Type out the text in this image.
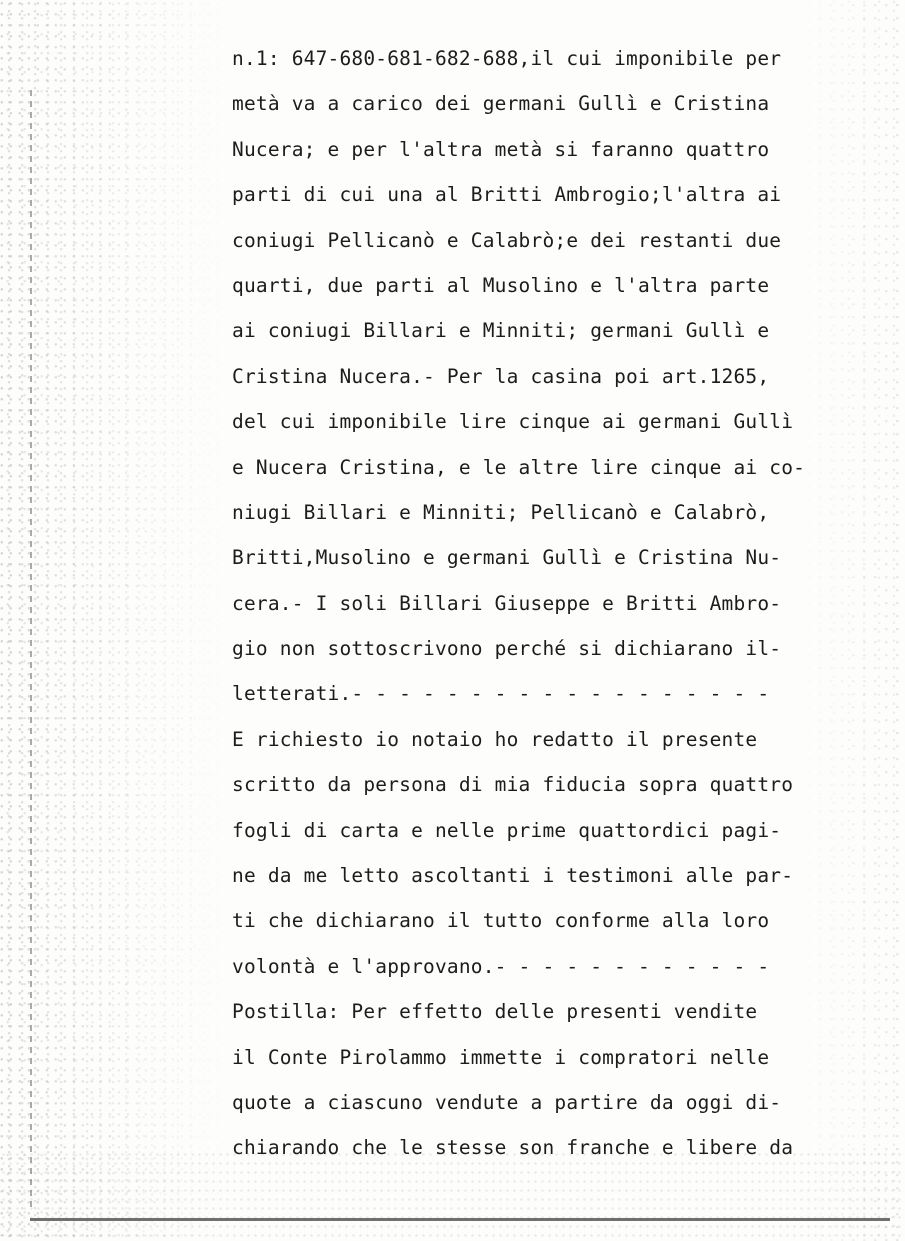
n.1: 647-680-681-682-688,il cui imponibile per
metà va a carico dei germani Gullì e Cristina
Nucera; e per l'altra metà si faranno quattro
parti di cui una al Britti Ambrogio;l'altra ai
coniugi Pellicanò e Calabrò;e dei restanti due
quarti, due parti al Musolino e l'altra parte
ai coniugi Billari e Minniti; germani Gullì e
Cristina Nucera.- Per la casina poi art.1265,
del cui imponibile lire cinque ai germani Gullì
e Nucera Cristina, e le altre lire cinque ai co-
niugi Billari e Minniti; Pellicanò e Calabrò,
Britti,Musolino e germani Gullì e Cristina Nu-
cera.- I soli Billari Giuseppe e Britti Ambro-
gio non sottoscrivono perché si dichiarano il-
letterati.- - - - - - - - - - - - - - - - - -
E richiesto io notaio ho redatto il presente
scritto da persona di mia fiducia sopra quattro
fogli di carta e nelle prime quattordici pagi-
ne da me letto ascoltanti i testimoni alle par-
ti che dichiarano il tutto conforme alla loro
volontà e l'approvano.- - - - - - - - - - - -
Postilla: Per effetto delle presenti vendite
il Conte Pirolammo immette i compratori nelle
quote a ciascuno vendute a partire da oggi di-
chiarando che le stesse son franche e libere da
